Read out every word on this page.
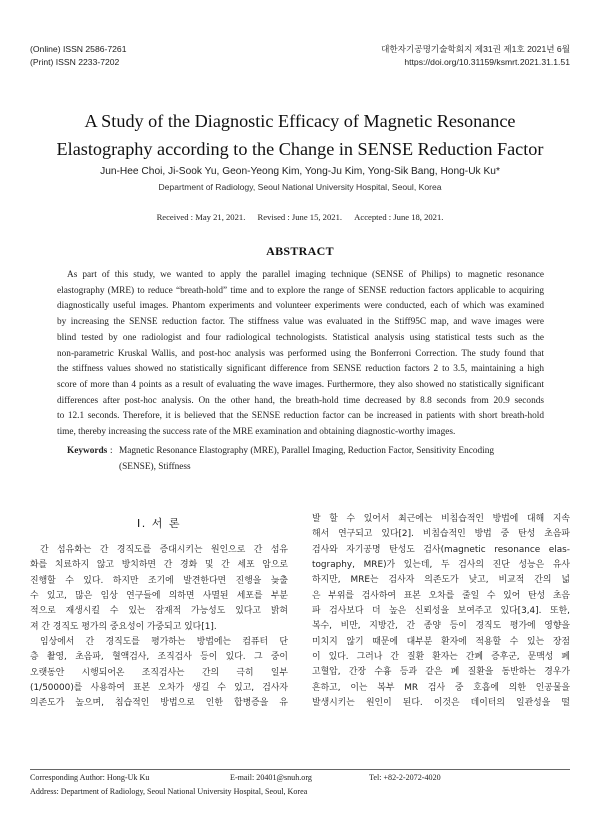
(Online) ISSN 2586-7261
(Print) ISSN 2233-7202
대한자기공명기술학회지 제31권 제1호 2021년 6월
https://doi.org/10.31159/ksmrt.2021.31.1.51
A Study of the Diagnostic Efficacy of Magnetic Resonance
Elastography according to the Change in SENSE Reduction Factor
Jun-Hee Choi, Ji-Sook Yu, Geon-Yeong Kim, Yong-Ju Kim, Yong-Sik Bang, Hong-Uk Ku*
Department of Radiology, Seoul National University Hospital, Seoul, Korea
Received : May 21, 2021. Revised : June 15, 2021. Accepted : June 18, 2021.
ABSTRACT
As part of this study, we wanted to apply the parallel imaging technique (SENSE of Philips) to magnetic resonance
elastography (MRE) to reduce “breath-hold” time and to explore the range of SENSE reduction factors applicable to acquiring
diagnostically useful images. Phantom experiments and volunteer experiments were conducted, each of which was examined
by increasing the SENSE reduction factor. The stiffness value was evaluated in the Stiff95C map, and wave images were
blind tested by one radiologist and four radiological technologists. Statistical analysis using statistical tests such as the
non-parametric Kruskal Wallis, and post-hoc analysis was performed using the Bonferroni Correction. The study found that
the stiffness values showed no statistically significant difference from SENSE reduction factors 2 to 3.5, maintaining a high
score of more than 4 points as a result of evaluating the wave images. Furthermore, they also showed no statistically significant
differences after post-hoc analysis. On the other hand, the breath-hold time decreased by 8.8 seconds from 20.9 seconds
to 12.1 seconds. Therefore, it is believed that the SENSE reduction factor can be increased in patients with short breath-hold
time, thereby increasing the success rate of the MRE examination and obtaining diagnostic-worthy images.
Keywords : Magnetic Resonance Elastography (MRE), Parallel Imaging, Reduction Factor, Sensitivity Encoding
(SENSE), Stiffness
Ⅰ. 서 론
간 섬유화는 간 경직도를 증대시키는 원인으로 간 섬유
화를 치료하지 않고 방치하면 간 경화 및 간 세포 암으로
진행할 수 있다. 하지만 조기에 발견한다면 진행을 늦출
수 있고, 많은 임상 연구들에 의하면 사멸된 세포를 부분
적으로 재생시킬 수 있는 잠재적 가능성도 있다고 밝혀
져 간 경직도 평가의 중요성이 가중되고 있다[1].
임상에서 간 경직도를 평가하는 방법에는 컴퓨터 단
층 촬영, 초음파, 혈액검사, 조직검사 등이 있다. 그 중이
오랫동안 시행되어온 조직검사는 간의 극히 일부
(1/50000)를 사용하여 표본 오차가 생길 수 있고, 검사자
의존도가 높으며, 침습적인 방법으로 인한 합병증을 유
발 할 수 있어서 최근에는 비침습적인 방법에 대해 지속
해서 연구되고 있다[2]. 비침습적인 방법 중 탄성 초음파
검사와 자기공명 탄성도 검사(magnetic resonance elas-
tography, MRE)가 있는데, 두 검사의 진단 성능은 유사
하지만, MRE는 검사자 의존도가 낮고, 비교적 간의 넓
은 부위를 검사하여 표본 오차를 줄일 수 있어 탄성 초음
파 검사보다 더 높은 신뢰성을 보여주고 있다[3,4]. 또한,
복수, 비만, 지방간, 간 종양 등이 경직도 평가에 영향을
미치지 않기 때문에 대부분 환자에 적용할 수 있는 장점
이 있다. 그러나 간 질환 환자는 간폐 증후군, 문맥성 폐
고혈압, 간장 수흉 등과 같은 폐 질환을 동반하는 경우가
흔하고, 이는 복부 MR 검사 중 호흡에 의한 인공물을
발생시키는 원인이 된다. 이것은 데이터의 일관성을 떨
Corresponding Author: Hong-Uk Ku	E-mail: 20401@snuh.org	Tel: +82-2-2072-4020
Address: Department of Radiology, Seoul National University Hospital, Seoul, Korea
